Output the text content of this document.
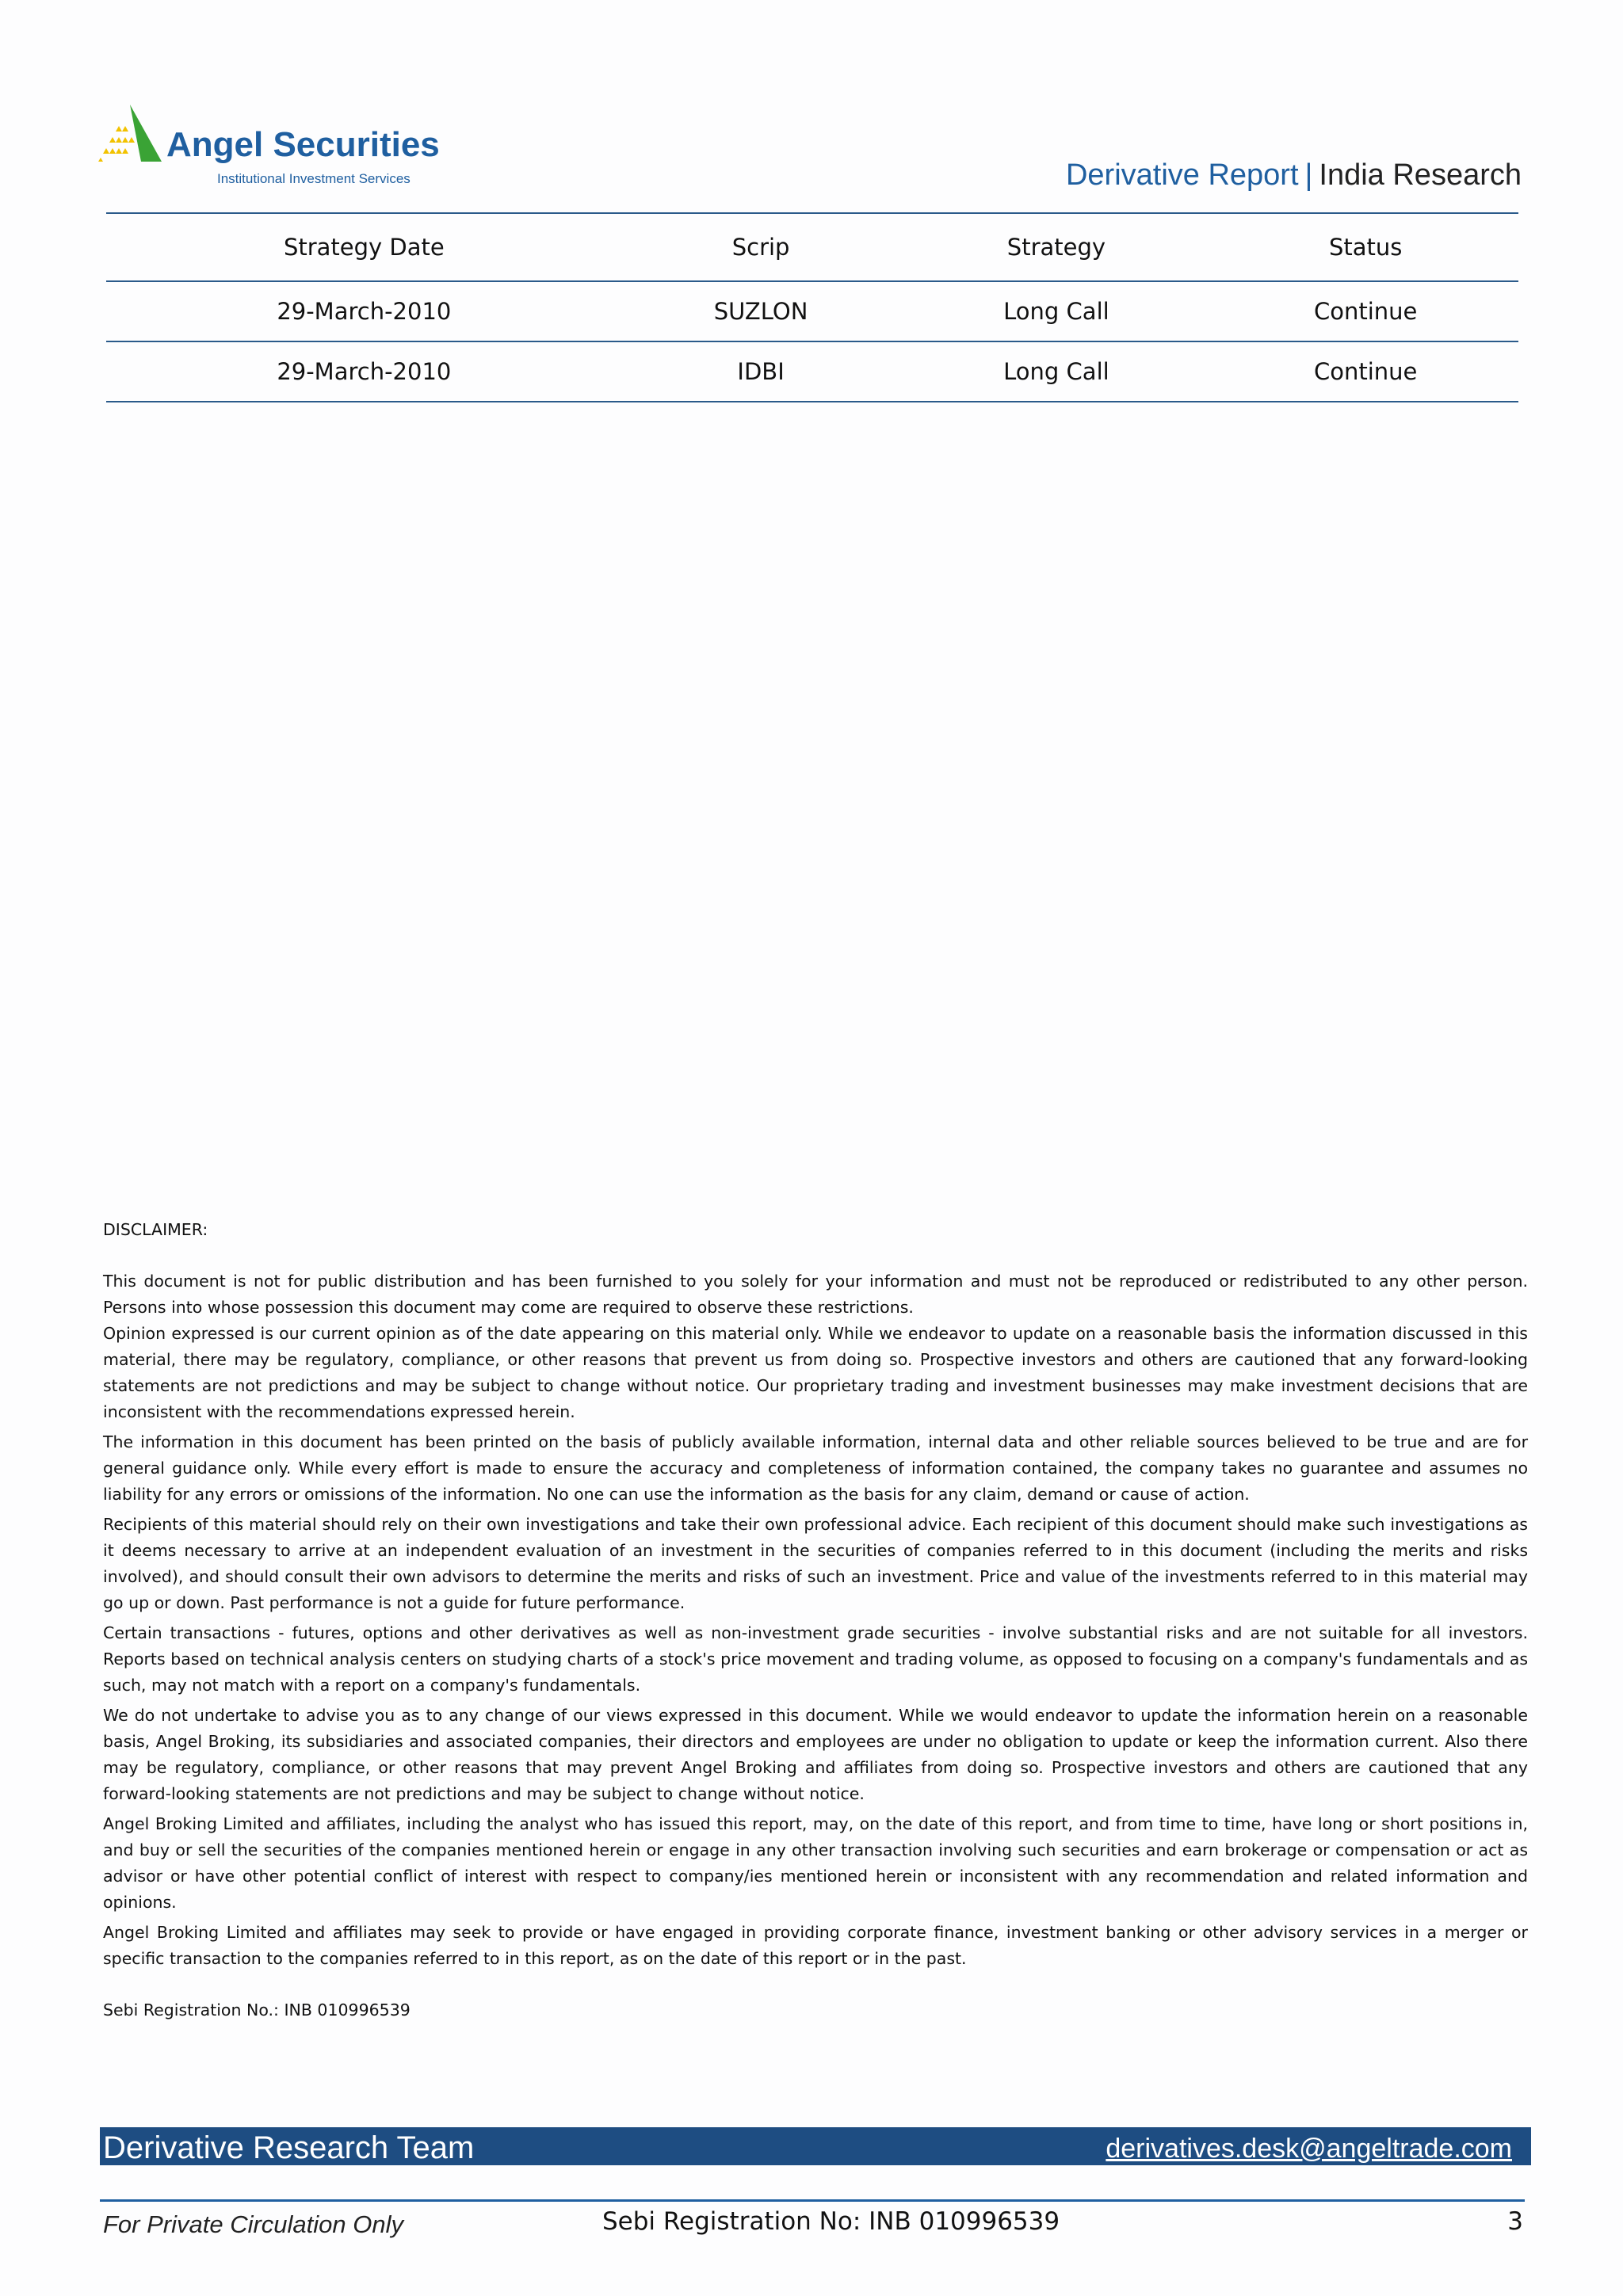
Angel Securities
Institutional Investment Services	Derivative Report | India Research
Strategy Date	Scrip	Strategy	Status
29-March-2010	SUZLON	Long Call	Continue
29-March-2010	IDBI	Long Call	Continue
DISCLAIMER:

This document is not for public distribution and has been furnished to you solely for your information and must not be reproduced or redistributed to any other person. Persons into whose possession this document may come are required to observe these restrictions.

Opinion expressed is our current opinion as of the date appearing on this material only. While we endeavor to update on a reasonable basis the information discussed in this material, there may be regulatory, compliance, or other reasons that prevent us from doing so. Prospective investors and others are cautioned that any forward-looking statements are not predictions and may be subject to change without notice. Our proprietary trading and investment businesses may make investment decisions that are inconsistent with the recommendations expressed herein.

The information in this document has been printed on the basis of publicly available information, internal data and other reliable sources believed to be true and are for general guidance only. While every effort is made to ensure the accuracy and completeness of information contained, the company takes no guarantee and assumes no liability for any errors or omissions of the information. No one can use the information as the basis for any claim, demand or cause of action.

Recipients of this material should rely on their own investigations and take their own professional advice. Each recipient of this document should make such investigations as it deems necessary to arrive at an independent evaluation of an investment in the securities of companies referred to in this document (including the merits and risks involved), and should consult their own advisors to determine the merits and risks of such an investment. Price and value of the investments referred to in this material may go up or down. Past performance is not a guide for future performance.

Certain transactions - futures, options and other derivatives as well as non-investment grade securities - involve substantial risks and are not suitable for all investors. Reports based on technical analysis centers on studying charts of a stock's price movement and trading volume, as opposed to focusing on a company's fundamentals and as such, may not match with a report on a company's fundamentals.

We do not undertake to advise you as to any change of our views expressed in this document. While we would endeavor to update the information herein on a reasonable basis, Angel Broking, its subsidiaries and associated companies, their directors and employees are under no obligation to update or keep the information current. Also there may be regulatory, compliance, or other reasons that may prevent Angel Broking and affiliates from doing so. Prospective investors and others are cautioned that any forward-looking statements are not predictions and may be subject to change without notice.

Angel Broking Limited and affiliates, including the analyst who has issued this report, may, on the date of this report, and from time to time, have long or short positions in, and buy or sell the securities of the companies mentioned herein or engage in any other transaction involving such securities and earn brokerage or compensation or act as advisor or have other potential conflict of interest with respect to company/ies mentioned herein or inconsistent with any recommendation and related information and opinions.

Angel Broking Limited and affiliates may seek to provide or have engaged in providing corporate finance, investment banking or other advisory services in a merger or specific transaction to the companies referred to in this report, as on the date of this report or in the past.

Sebi Registration No.: INB 010996539
Derivative Research Team	derivatives.desk@angeltrade.com
For Private Circulation Only	Sebi Registration No: INB 010996539	3
